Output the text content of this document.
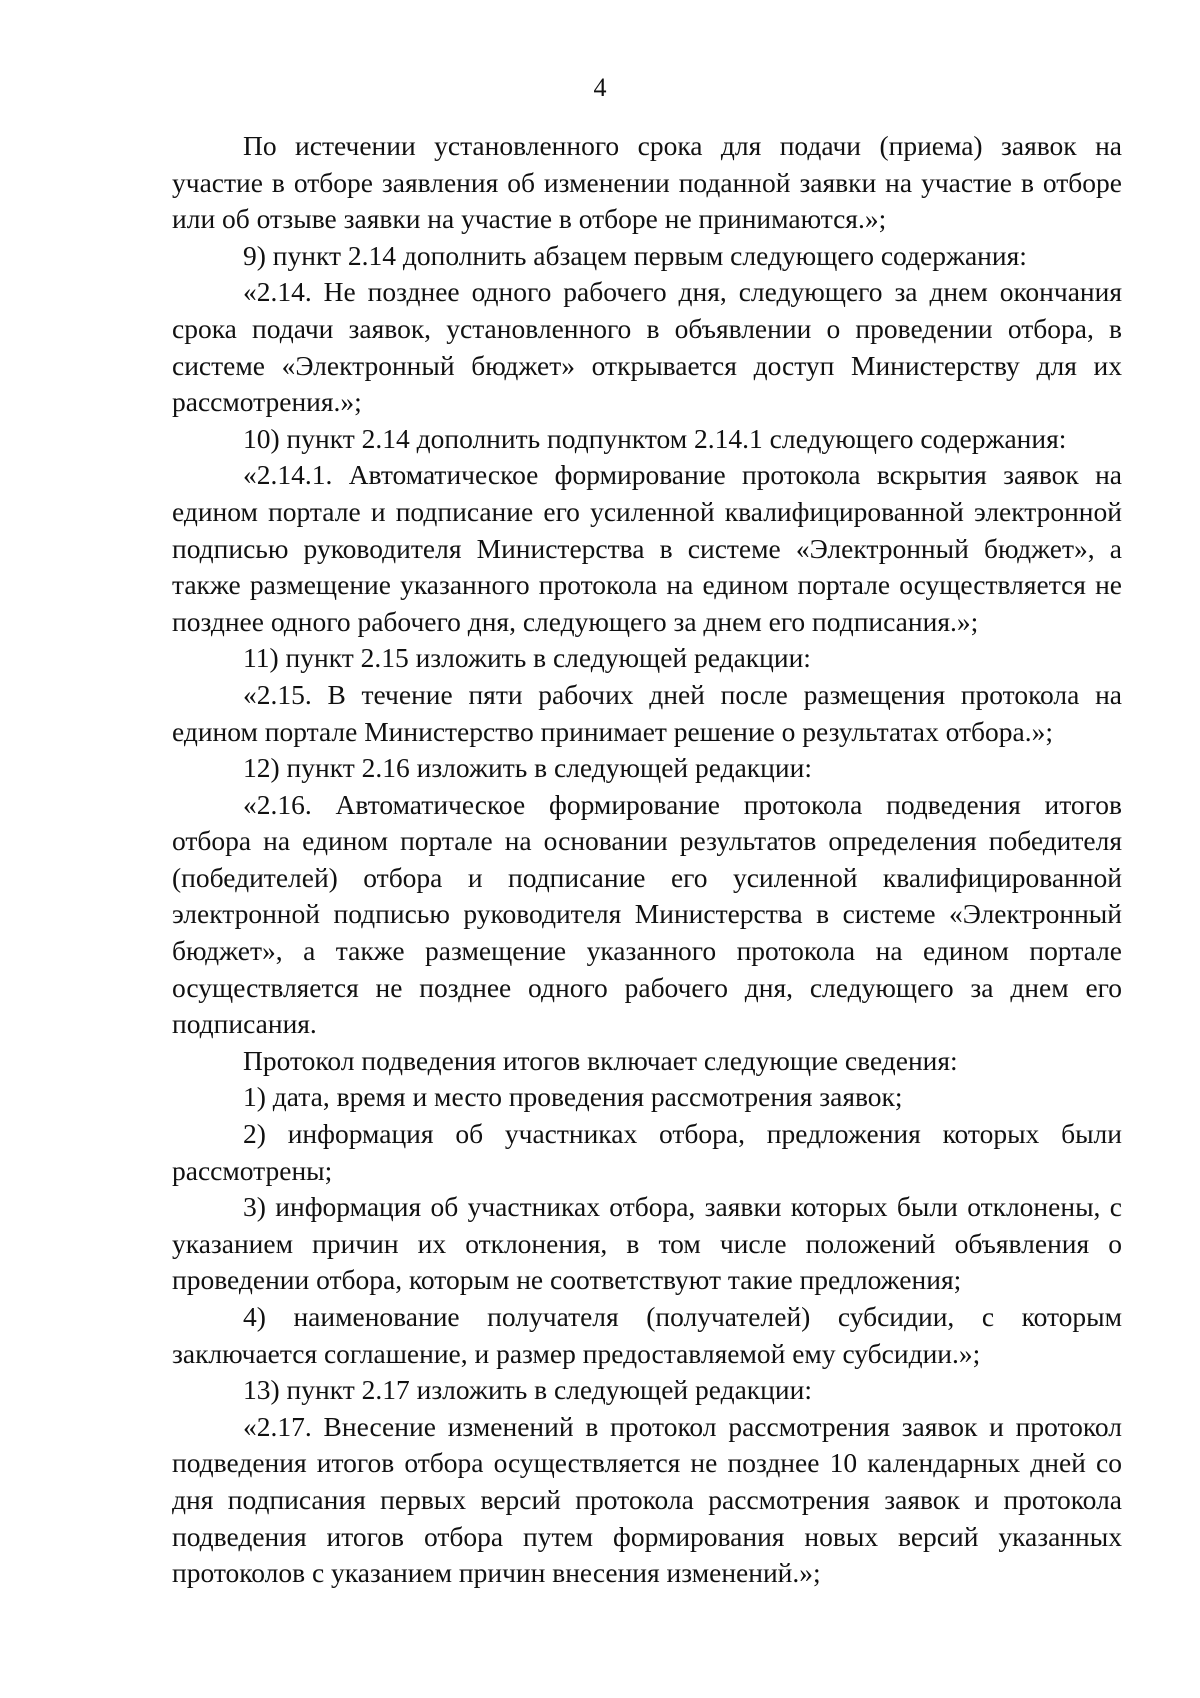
4

По истечении установленного срока для подачи (приема) заявок на участие в отборе заявления об изменении поданной заявки на участие в отборе или об отзыве заявки на участие в отборе не принимаются.»;

9) пункт 2.14 дополнить абзацем первым следующего содержания:

«2.14. Не позднее одного рабочего дня, следующего за днем окончания срока подачи заявок, установленного в объявлении о проведении отбора, в системе «Электронный бюджет» открывается доступ Министерству для их рассмотрения.»;

10) пункт 2.14 дополнить подпунктом 2.14.1 следующего содержания:

«2.14.1. Автоматическое формирование протокола вскрытия заявок на едином портале и подписание его усиленной квалифицированной электронной подписью руководителя Министерства в системе «Электронный бюджет», а также размещение указанного протокола на едином портале осуществляется не позднее одного рабочего дня, следующего за днем его подписания.»;

11) пункт 2.15 изложить в следующей редакции:

«2.15. В течение пяти рабочих дней после размещения протокола на едином портале Министерство принимает решение о результатах отбора.»;

12) пункт 2.16 изложить в следующей редакции:

«2.16. Автоматическое формирование протокола подведения итогов отбора на едином портале на основании результатов определения победителя (победителей) отбора и подписание его усиленной квалифицированной электронной подписью руководителя Министерства в системе «Электронный бюджет», а также размещение указанного протокола на едином портале осуществляется не позднее одного рабочего дня, следующего за днем его подписания.

Протокол подведения итогов включает следующие сведения:

1) дата, время и место проведения рассмотрения заявок;

2) информация об участниках отбора, предложения которых были рассмотрены;

3) информация об участниках отбора, заявки которых были отклонены, с указанием причин их отклонения, в том числе положений объявления о проведении отбора, которым не соответствуют такие предложения;

4) наименование получателя (получателей) субсидии, с которым заключается соглашение, и размер предоставляемой ему субсидии.»;

13) пункт 2.17 изложить в следующей редакции:

«2.17. Внесение изменений в протокол рассмотрения заявок и протокол подведения итогов отбора осуществляется не позднее 10 календарных дней со дня подписания первых версий протокола рассмотрения заявок и протокола подведения итогов отбора путем формирования новых версий указанных протоколов с указанием причин внесения изменений.»;
